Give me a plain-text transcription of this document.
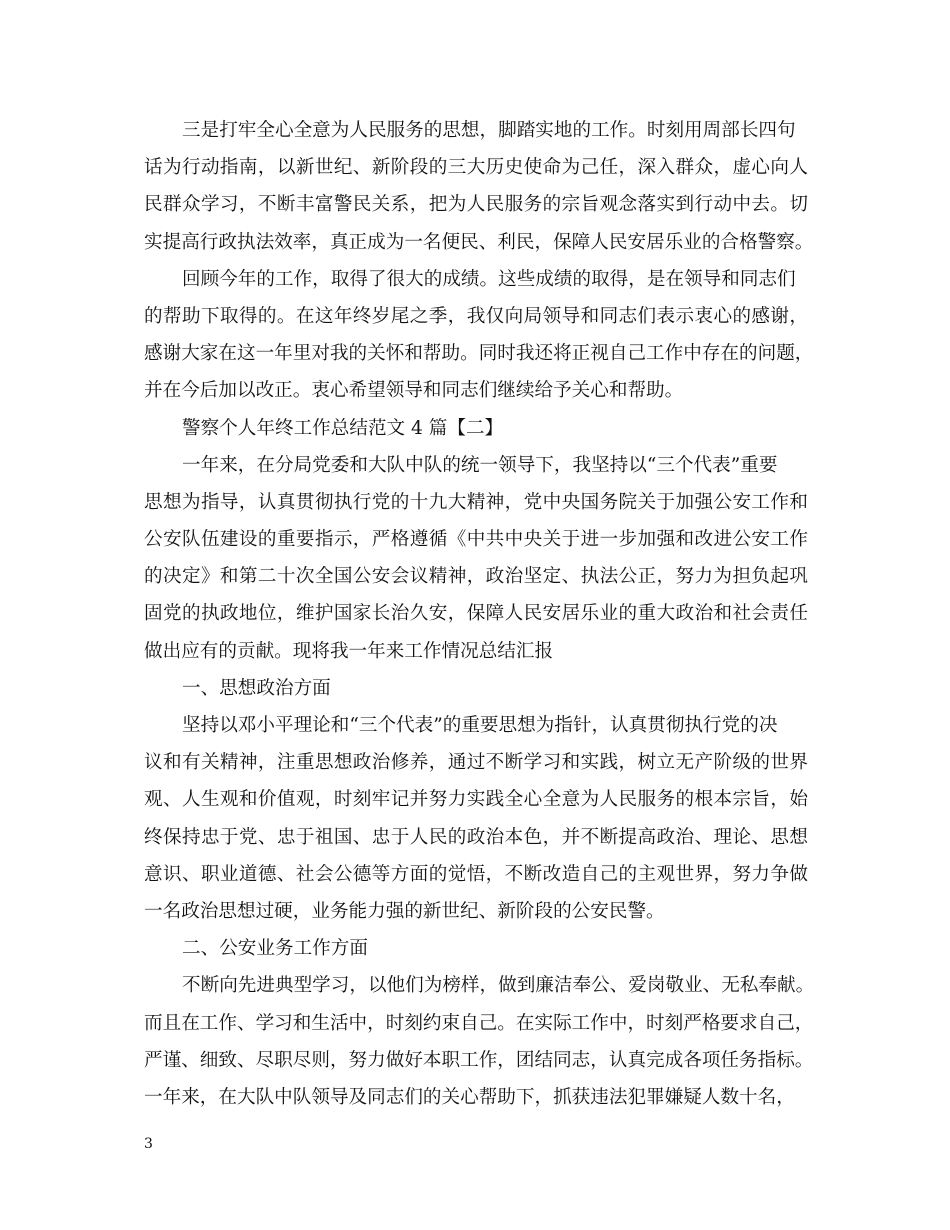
三是打牢全心全意为人民服务的思想，脚踏实地的工作。时刻用周部长四句
话为行动指南，以新世纪、新阶段的三大历史使命为己任，深入群众，虚心向人
民群众学习，不断丰富警民关系，把为人民服务的宗旨观念落实到行动中去。切
实提高行政执法效率，真正成为一名便民、利民，保障人民安居乐业的合格警察。
回顾今年的工作，取得了很大的成绩。这些成绩的取得，是在领导和同志们
的帮助下取得的。在这年终岁尾之季，我仅向局领导和同志们表示衷心的感谢，
感谢大家在这一年里对我的关怀和帮助。同时我还将正视自己工作中存在的问题，
并在今后加以改正。衷心希望领导和同志们继续给予关心和帮助。
警察个人年终工作总结范文 4 篇【二】
一年来，在分局党委和大队中队的统一领导下，我坚持以“三个代表”重要
思想为指导，认真贯彻执行党的十九大精神，党中央国务院关于加强公安工作和
公安队伍建设的重要指示，严格遵循《中共中央关于进一步加强和改进公安工作
的决定》和第二十次全国公安会议精神，政治坚定、执法公正，努力为担负起巩
固党的执政地位，维护国家长治久安，保障人民安居乐业的重大政治和社会责任
做出应有的贡献。现将我一年来工作情况总结汇报
一、思想政治方面
坚持以邓小平理论和“三个代表”的重要思想为指针，认真贯彻执行党的决
议和有关精神，注重思想政治修养，通过不断学习和实践，树立无产阶级的世界
观、人生观和价值观，时刻牢记并努力实践全心全意为人民服务的根本宗旨，始
终保持忠于党、忠于祖国、忠于人民的政治本色，并不断提高政治、理论、思想
意识、职业道德、社会公德等方面的觉悟，不断改造自己的主观世界，努力争做
一名政治思想过硬，业务能力强的新世纪、新阶段的公安民警。
二、公安业务工作方面
不断向先进典型学习，以他们为榜样，做到廉洁奉公、爱岗敬业、无私奉献。
而且在工作、学习和生活中，时刻约束自己。在实际工作中，时刻严格要求自己，
严谨、细致、尽职尽则，努力做好本职工作，团结同志，认真完成各项任务指标。
一年来，在大队中队领导及同志们的关心帮助下，抓获违法犯罪嫌疑人数十名，
3
